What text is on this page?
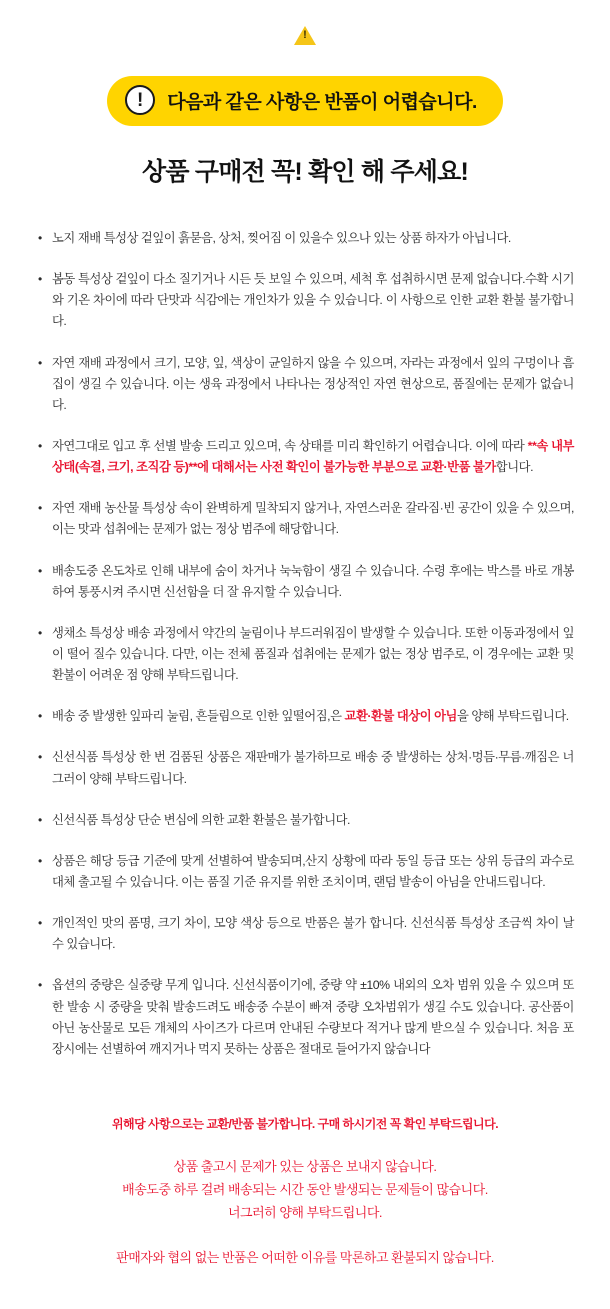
!
!	다음과 같은 사항은 반품이 어렵습니다.
상품 구매전 꼭! 확인 해 주세요!
• 노지 재배 특성상 겉잎이 흙묻음, 상처, 찢어짐 이 있을수 있으나 있는 상품 하자가 아닙니다.
• 봄동 특성상 겉잎이 다소 질기거나 시든 듯 보일 수 있으며, 세척 후 섭취하시면 문제 없습니다.수확 시기와 기온 차이에 따라 단맛과 식감에는 개인차가 있을 수 있습니다. 이 사항으로 인한 교환 환불 불가합니다.
• 자연 재배 과정에서 크기, 모양, 잎, 색상이 균일하지 않을 수 있으며, 자라는 과정에서 잎의 구멍이나 흠집이 생길 수 있습니다. 이는 생육 과정에서 나타나는 정상적인 자연 현상으로, 품질에는 문제가 없습니다.
• 자연그대로 입고 후 선별 발송 드리고 있으며, 속 상태를 미리 확인하기 어렵습니다. 이에 따라 **속 내부 상태(속결, 크기, 조직감 등)**에 대해서는 사전 확인이 불가능한 부분으로 교환·반품 불가합니다.
• 자연 재배 농산물 특성상 속이 완벽하게 밀착되지 않거나, 자연스러운 갈라짐·빈 공간이 있을 수 있으며, 이는 맛과 섭취에는 문제가 없는 정상 범주에 해당합니다.
• 배송도중 온도차로 인해 내부에 숨이 차거나 눅눅함이 생길 수 있습니다. 수령 후에는 박스를 바로 개봉하여 통풍시켜 주시면 신선함을 더 잘 유지할 수 있습니다.
• 생채소 특성상 배송 과정에서 약간의 눌림이나 부드러워짐이 발생할 수 있습니다. 또한 이동과정에서 잎이 떨어 질수 있습니다. 다만, 이는 전체 품질과 섭취에는 문제가 없는 정상 범주로, 이 경우에는 교환 및 환불이 어려운 점 양해 부탁드립니다.
• 배송 중 발생한 잎파리 눌림, 흔들림으로 인한 잎떨어짐,은 교환·환불 대상이 아님을 양해 부탁드립니다.
• 신선식품 특성상 한 번 검품된 상품은 재판매가 불가하므로 배송 중 발생하는 상처·멍듬·무름·깨짐은 너그러이 양해 부탁드립니다.
• 신선식품 특성상 단순 변심에 의한 교환 환불은 불가합니다.
• 상품은 해당 등급 기준에 맞게 선별하여 발송되며,산지 상황에 따라 동일 등급 또는 상위 등급의 과수로 대체 출고될 수 있습니다. 이는 품질 기준 유지를 위한 조치이며, 랜덤 발송이 아님을 안내드립니다.
• 개인적인 맛의 품명, 크기 차이, 모양 색상 등으로 반품은 불가 합니다. 신선식품 특성상 조금씩 차이 날 수 있습니다.
• 옵션의 중량은 실중량 무게 입니다. 신선식품이기에, 중량 약 ±10% 내외의 오차 범위 있을 수 있으며 또한 발송 시 중량을 맞춰 발송드려도 배송중 수분이 빠져 중량 오차범위가 생길 수도 있습니다. 공산품이 아닌 농산물로 모든 개체의 사이즈가 다르며 안내된 수량보다 적거나 많게 받으실 수 있습니다. 처음 포장시에는 선별하여 깨지거나 먹지 못하는 상품은 절대로 들어가지 않습니다
위해당 사항으로는 교환/반품 불가합니다. 구매 하시기전 꼭 확인 부탁드립니다.
상품 출고시 문제가 있는 상품은 보내지 않습니다.
배송도중 하루 걸려 배송되는 시간 동안 발생되는 문제들이 많습니다.
너그러히 양해 부탁드립니다.
판매자와 협의 없는 반품은 어떠한 이유를 막론하고 환불되지 않습니다.
